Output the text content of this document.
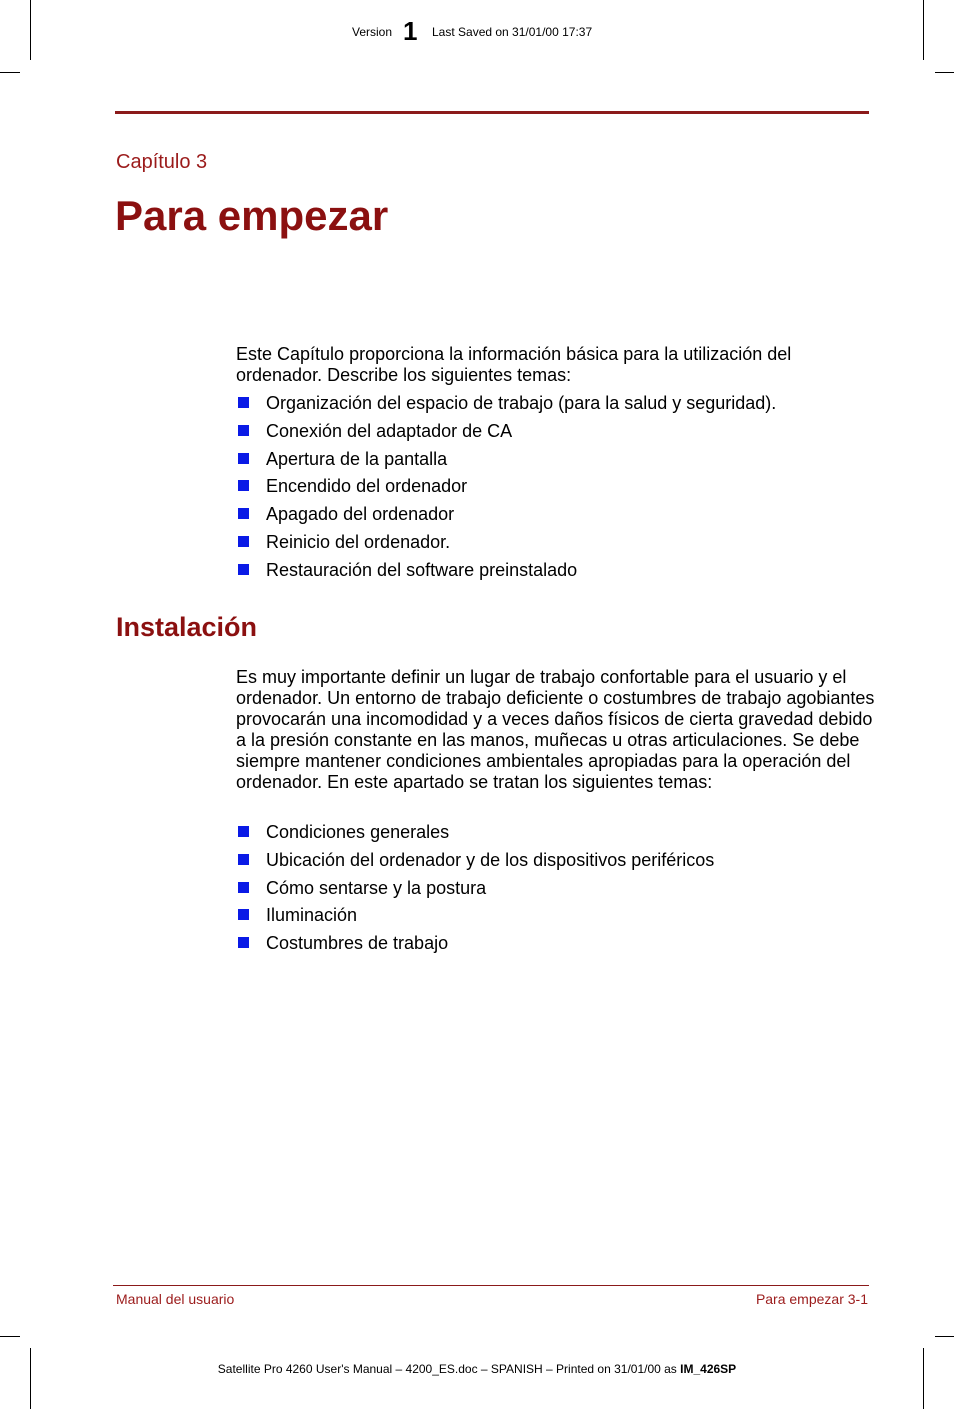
Version 1 Last Saved on 31/01/00 17:37
Capítulo 3
Para empezar

Este Capítulo proporciona la información básica para la utilización del ordenador. Describe los siguientes temas:

Organización del espacio de trabajo (para la salud y seguridad).
Conexión del adaptador de CA
Apertura de la pantalla
Encendido del ordenador
Apagado del ordenador
Reinicio del ordenador.
Restauración del software preinstalado
Instalación

Es muy importante definir un lugar de trabajo confortable para el usuario y el ordenador. Un entorno de trabajo deficiente o costumbres de trabajo agobiantes provocarán una incomodidad y a veces daños físicos de cierta gravedad debido a la presión constante en las manos, muñecas u otras articulaciones. Se debe siempre mantener condiciones ambientales apropiadas para la operación del ordenador. En este apartado se tratan los siguientes temas:

Condiciones generales
Ubicación del ordenador y de los dispositivos periféricos
Cómo sentarse y la postura
Iluminación
Costumbres de trabajo
Manual del usuario	Para empezar 3-1
Satellite Pro 4260 User's Manual – 4200_ES.doc – SPANISH – Printed on 31/01/00 as IM_426SP
